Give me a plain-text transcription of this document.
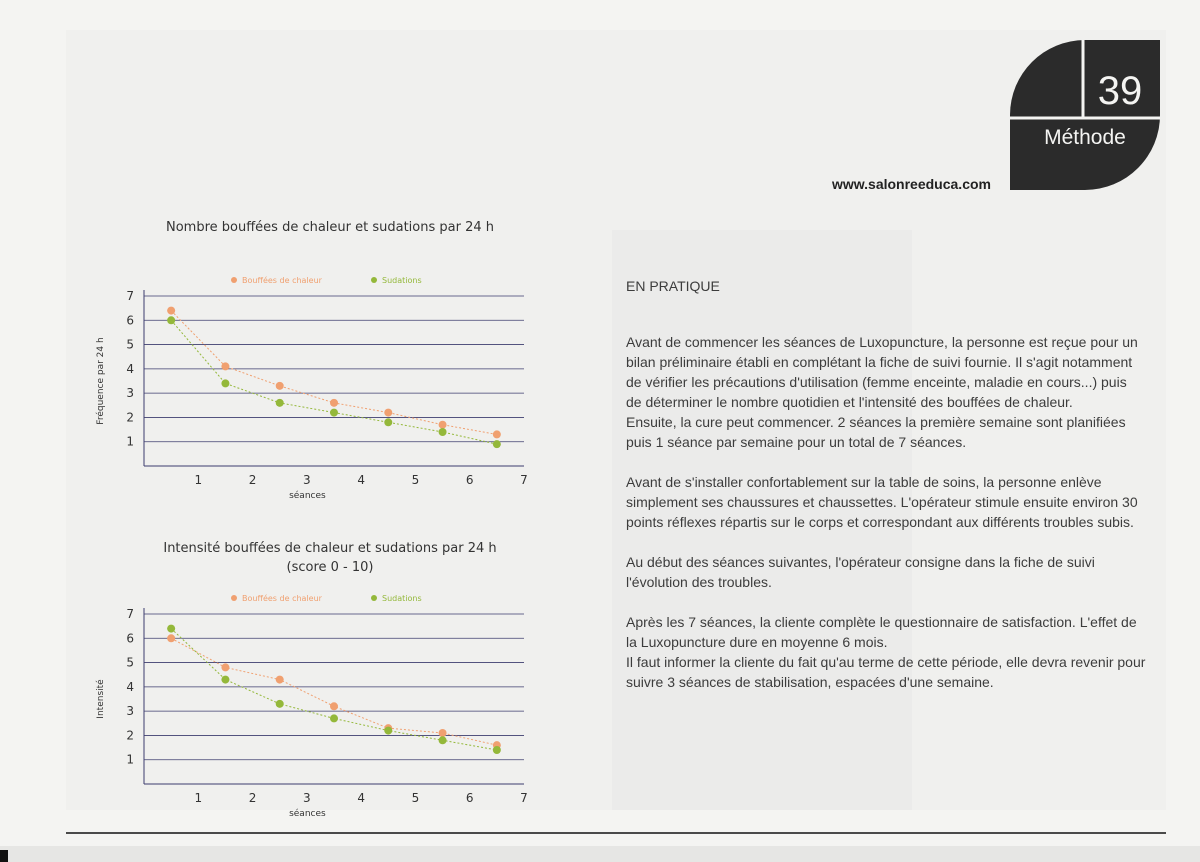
39
Méthode
www.salonreeduca.com
Nombre bouffées de chaleur et sudations par 24 h
Bouffées de chaleur	Sudations
1
2
3
4
5
6
7
1	2	3	4	5	6	7
séances
Fréquence par 24 h
Intensité bouffées de chaleur et sudations par 24 h
(score 0 - 10)
Bouffées de chaleur	Sudations
1
2
3
4
5
6
7
1	2	3	4	5	6	7
séances
Intensité

EN PRATIQUE

Avant de commencer les séances de Luxopuncture, la personne est reçue pour un bilan préliminaire établi en complétant la fiche de suivi fournie. Il s'agit notamment de vérifier les précautions d'utilisation (femme enceinte, maladie en cours...) puis de déterminer le nombre quotidien et l'intensité des bouffées de chaleur.
Ensuite, la cure peut commencer. 2 séances la première semaine sont planifiées puis 1 séance par semaine pour un total de 7 séances.

Avant de s'installer confortablement sur la table de soins, la personne enlève simplement ses chaussures et chaussettes. L'opérateur stimule ensuite environ 30 points réflexes répartis sur le corps et correspondant aux différents troubles subis.

Au début des séances suivantes, l'opérateur consigne dans la fiche de suivi l'évolution des troubles.

Après les 7 séances, la cliente complète le questionnaire de satisfaction. L'effet de la Luxopuncture dure en moyenne 6 mois.
Il faut informer la cliente du fait qu'au terme de cette période, elle devra revenir pour suivre 3 séances de stabilisation, espacées d'une semaine.
